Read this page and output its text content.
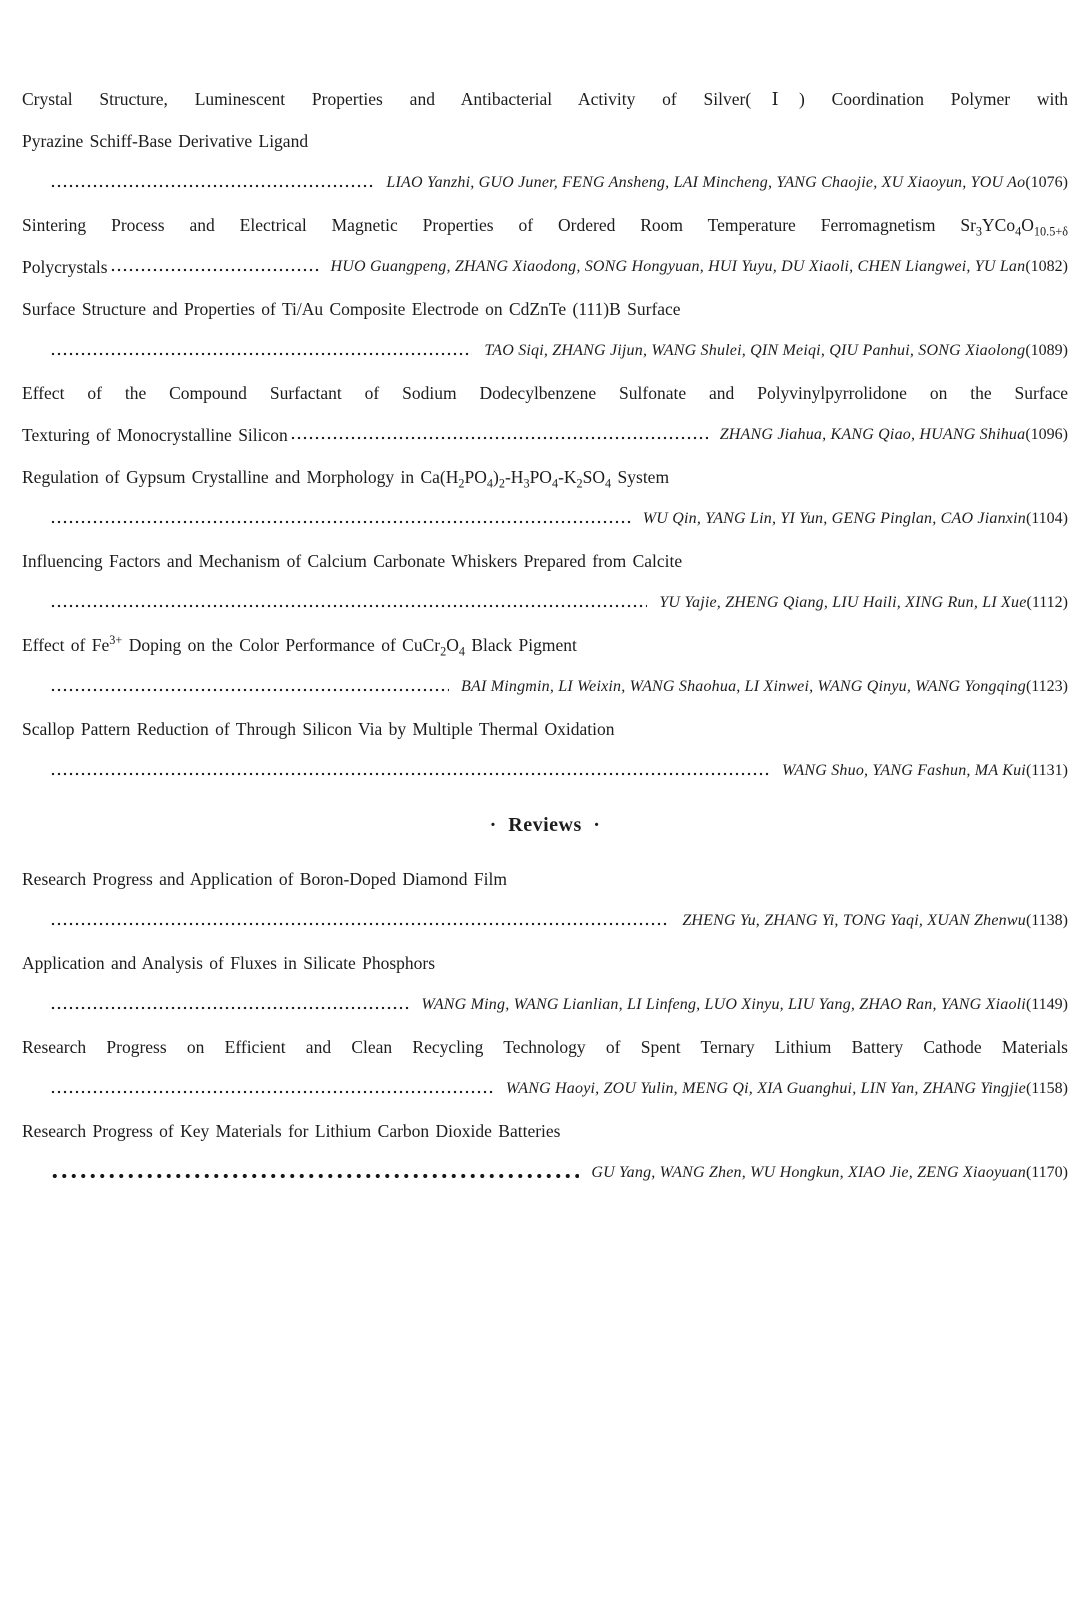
Crystal Structure, Luminescent Properties and Antibacterial Activity of Silver(Ⅰ) Coordination Polymer with
Pyrazine Schiff-Base Derivative Ligand
LIAO Yanzhi, GUO Juner, FENG Ansheng, LAI Mincheng, YANG Chaojie, XU Xiaoyun, YOU Ao (1076)
Sintering Process and Electrical Magnetic Properties of Ordered Room Temperature Ferromagnetism $Sr_3YCo_4O_{10.5+\delta}$
Polycrystals	HUO Guangpeng, ZHANG Xiaodong, SONG Hongyuan, HUI Yuyu, DU Xiaoli, CHEN Liangwei, YU Lan (1082)
Surface Structure and Properties of Ti/Au Composite Electrode on CdZnTe (111)B Surface
TAO Siqi, ZHANG Jijun, WANG Shulei, QIN Meiqi, QIU Panhui, SONG Xiaolong (1089)
Effect of the Compound Surfactant of Sodium Dodecylbenzene Sulfonate and Polyvinylpyrrolidone on the Surface
Texturing of Monocrystalline Silicon	ZHANG Jiahua, KANG Qiao, HUANG Shihua (1096)
Regulation of Gypsum Crystalline and Morphology in $Ca(H_2PO_4)_2-H_3PO_4-K_2SO_4$ System
WU Qin, YANG Lin, YI Yun, GENG Pinglan, CAO Jianxin (1104)
Influencing Factors and Mechanism of Calcium Carbonate Whiskers Prepared from Calcite
YU Yajie, ZHENG Qiang, LIU Haili, XING Run, LI Xue (1112)
Effect of $Fe^{3+}$ Doping on the Color Performance of $CuCr_2O_4$ Black Pigment
BAI Mingmin, LI Weixin, WANG Shaohua, LI Xinwei, WANG Qinyu, WANG Yongqing (1123)
Scallop Pattern Reduction of Through Silicon Via by Multiple Thermal Oxidation
WANG Shuo, YANG Fashun, MA Kui (1131)
· Reviews ·
Research Progress and Application of Boron-Doped Diamond Film
ZHENG Yu, ZHANG Yi, TONG Yaqi, XUAN Zhenwu (1138)
Application and Analysis of Fluxes in Silicate Phosphors
WANG Ming, WANG Lianlian, LI Linfeng, LUO Xinyu, LIU Yang, ZHAO Ran, YANG Xiaoli (1149)
Research Progress on Efficient and Clean Recycling Technology of Spent Ternary Lithium Battery Cathode Materials
WANG Haoyi, ZOU Yulin, MENG Qi, XIA Guanghui, LIN Yan, ZHANG Yingjie (1158)
Research Progress of Key Materials for Lithium Carbon Dioxide Batteries
GU Yang, WANG Zhen, WU Hongkun, XIAO Jie, ZENG Xiaoyuan (1170)
